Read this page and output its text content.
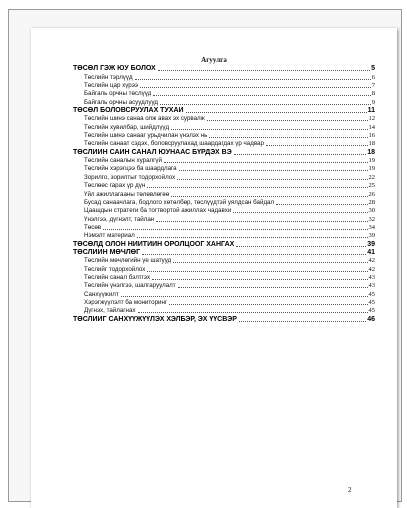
Агуулга
ТӨСӨЛ ГЭЖ ЮУ БОЛОХ	5
Төслийн тэрлүүд	6
Төслийн цар хүрээ	7
Байгаль орчны төслүүд	8
Байгаль орчны асуудлууд	9
ТӨСӨЛ БОЛОВСРУУЛАХ ТУХАЙ	11
Төслийн шинэ санаа олж авах эх сурвалж	12
Төслийн хувилбар, шийдлүүд	14
Төслийн шинэ санааг урьдчилан үнэлэх нь	16
Төслийн санаат сэдэх, боловсруулахад шаардагдах үр чадвар	18
ТӨСЛИЙН САЙН САНАЛ ЮУНААС БҮРДЭХ ВЭ	18
Төслийн саналын хуралгүй	19
Төслийн хэрэгцээ ба шаардлага	19
Зорилго, зорилтыг тодорхойлох	22
Төслөөс гарах үр дүн	25
Үйл ажиллагааны төлөвлөгөө	26
Бусад санаачлага, бодлого хөтөлбөр, төслүүдтэй уялдсан байдал	28
Цаашдын стратеги ба тогтвортой ажиллах чадавхи	30
Үнэлгээ, дүгнэлт, тайлан	32
Төсөв	34
Нэмэлт материал	39
ТӨСӨЛД ОЛОН НИЙТИЙН ОРОЛЦООГ ХАНГАХ	39
ТӨСЛИЙН МӨЧЛӨГ	41
Төслийн мөчлөгийн үе шатууд	42
Төслийг тодорхойлох	42
Төслийн санал бэлтгэх	43
Төслийн үнэлгээ, шалгаруулалт	43
Санхүүжилт	45
Хэрэгжүүлэлт ба мониторинг	45
Дүгнэх, тайлагнах	45
ТӨСЛИЙГ САНХҮҮЖҮҮЛЭХ ХЭЛБЭР, ЭХ ҮҮСВЭР	46
2
